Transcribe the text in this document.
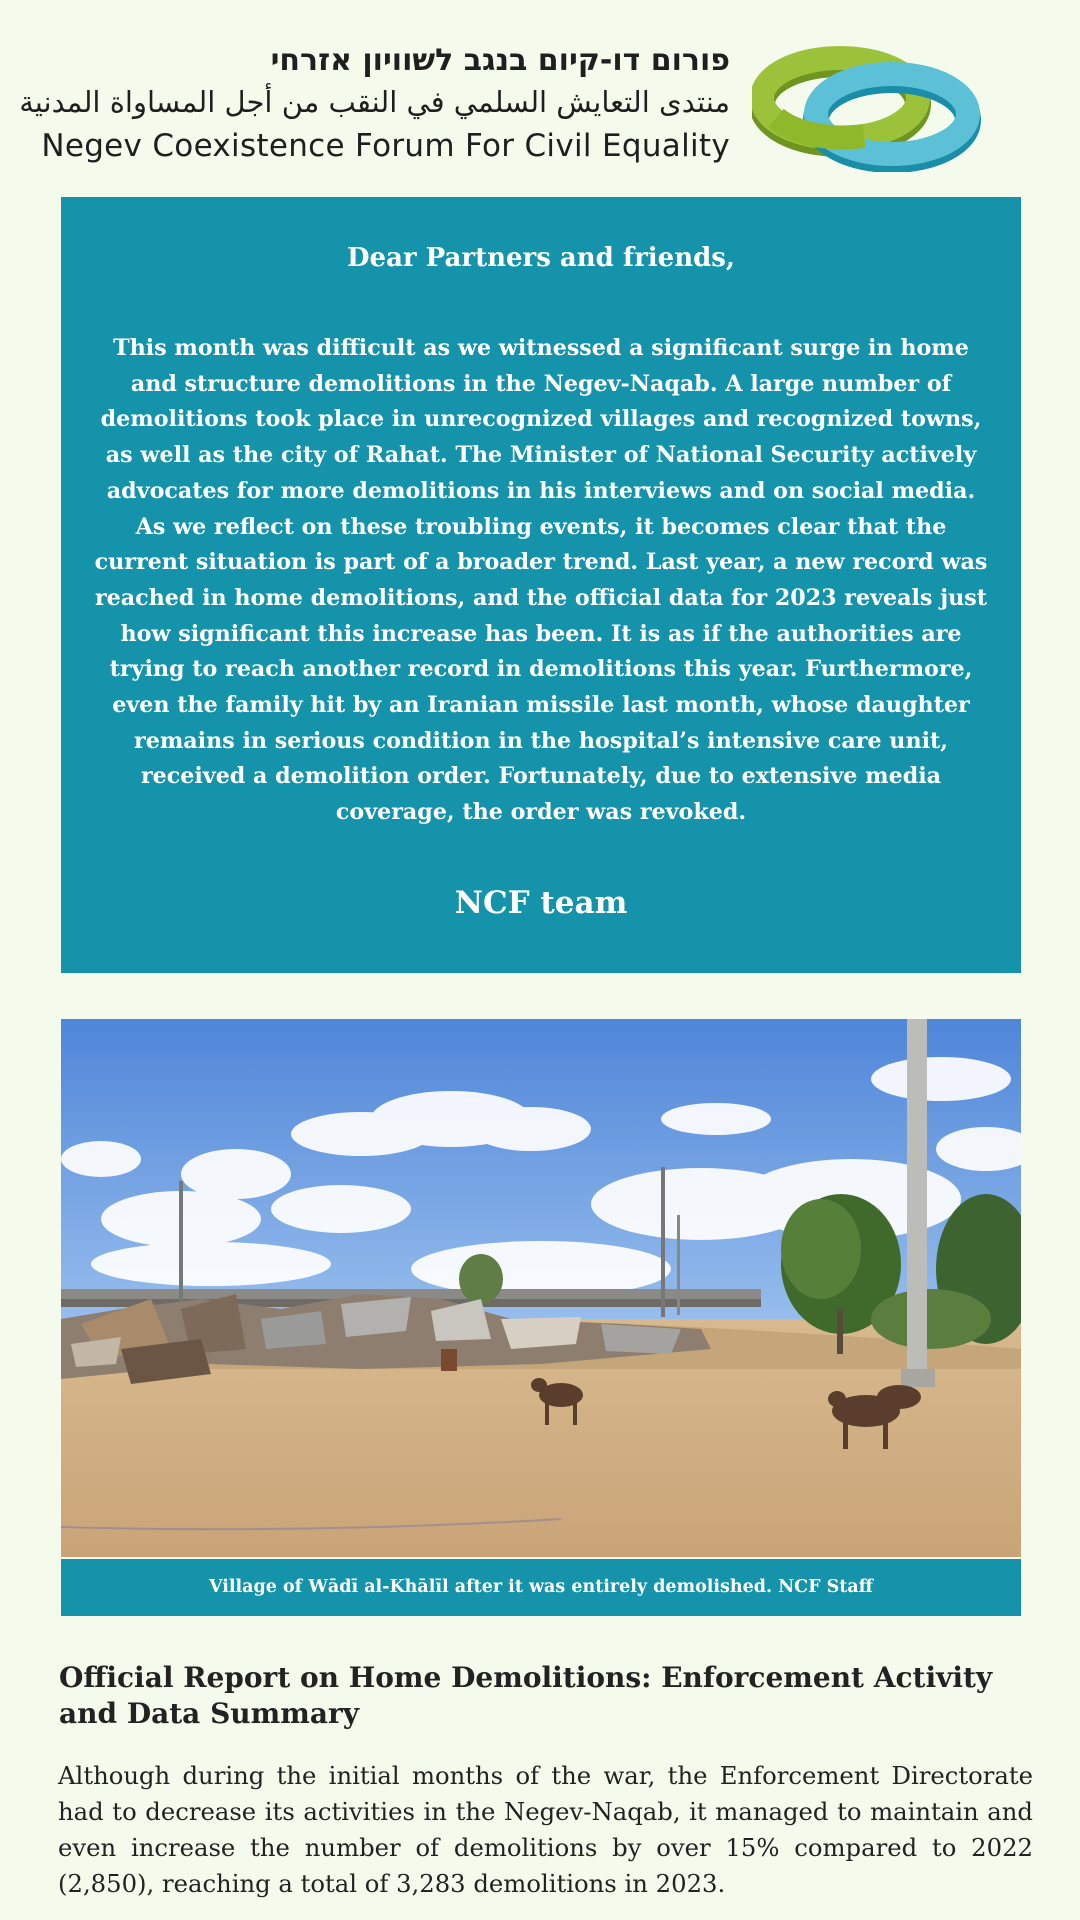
פורום דו-קיום בנגב לשוויון אזרחי
منتدى التعايش السلمي في النقب من أجل المساواة المدنية
Negev Coexistence Forum For Civil Equality
Dear Partners and friends,
This month was difficult as we witnessed a significant surge in home and structure demolitions in the Negev-Naqab. A large number of demolitions took place in unrecognized villages and recognized towns, as well as the city of Rahat. The Minister of National Security actively advocates for more demolitions in his interviews and on social media. As we reflect on these troubling events, it becomes clear that the current situation is part of a broader trend. Last year, a new record was reached in home demolitions, and the official data for 2023 reveals just how significant this increase has been. It is as if the authorities are trying to reach another record in demolitions this year. Furthermore, even the family hit by an Iranian missile last month, whose daughter remains in serious condition in the hospital’s intensive care unit, received a demolition order. Fortunately, due to extensive media coverage, the order was revoked.
NCF team
Village of Wādī al-Khālīl after it was entirely demolished. NCF Staff
Official Report on Home Demolitions: Enforcement Activity and Data Summary
Although during the initial months of the war, the Enforcement Directorate had to decrease its activities in the Negev-Naqab, it managed to maintain and even increase the number of demolitions by over 15% compared to 2022 (2,850), reaching a total of 3,283 demolitions in 2023.
